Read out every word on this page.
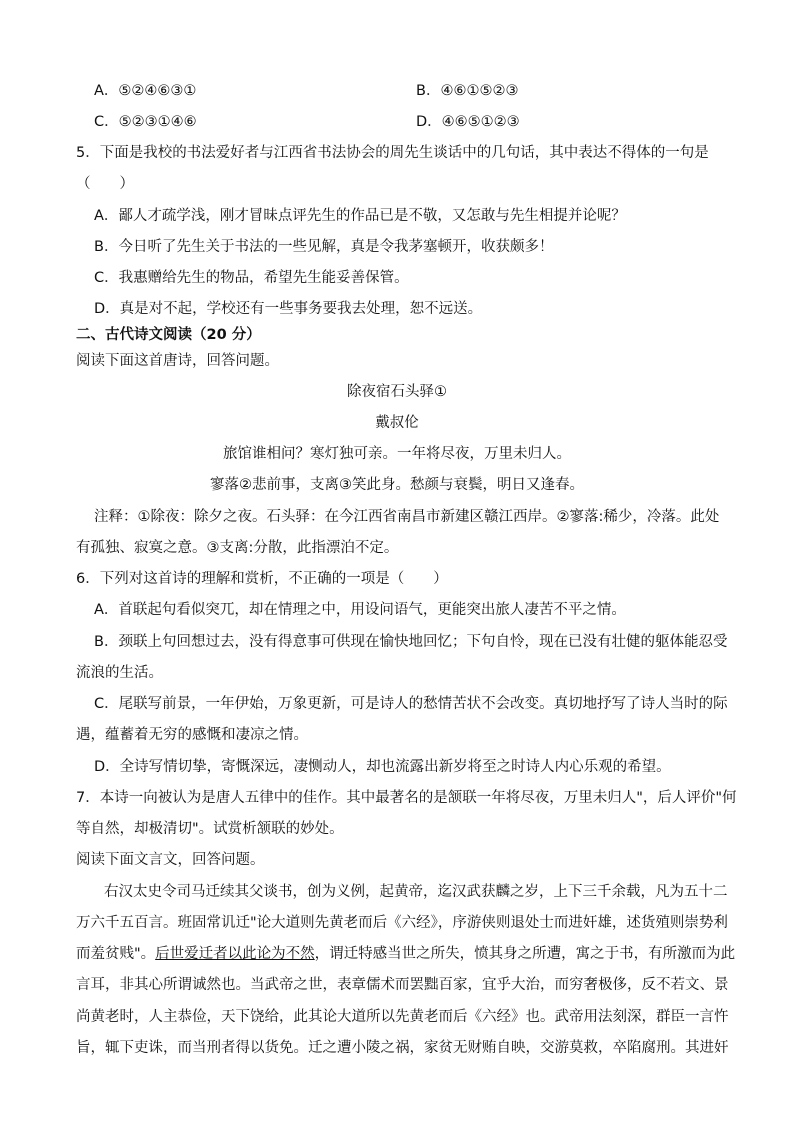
A．⑤②④⑥③①	B．④⑥①⑤②③
C．⑤②③①④⑥	D．④⑥⑤①②③
5．下面是我校的书法爱好者与江西省书法协会的周先生谈话中的几句话，其中表达不得体的一句是
（　　）
A．鄙人才疏学浅，刚才冒昧点评先生的作品已是不敬，又怎敢与先生相提并论呢？
B．今日听了先生关于书法的一些见解，真是令我茅塞顿开，收获颇多！
C．我惠赠给先生的物品，希望先生能妥善保管。
D．真是对不起，学校还有一些事务要我去处理，恕不远送。
二、古代诗文阅读（20 分）
阅读下面这首唐诗，回答问题。
除夜宿石头驿①
戴叔伦
旅馆谁相问？寒灯独可亲。一年将尽夜，万里未归人。
寥落②悲前事，支离③笑此身。愁颜与衰鬓，明日又逢春。
注释：①除夜：除夕之夜。石头驿：在今江西省南昌市新建区赣江西岸。②寥落:稀少，冷落。此处
有孤独、寂寞之意。③支离:分散，此指漂泊不定。
6．下列对这首诗的理解和赏析，不正确的一项是（　　）
A．首联起句看似突兀，却在情理之中，用设问语气，更能突出旅人凄苦不平之情。
B．颈联上句回想过去，没有得意事可供现在愉快地回忆；下句自怜，现在已没有壮健的躯体能忍受
流浪的生活。
C．尾联写前景，一年伊始，万象更新，可是诗人的愁情苦状不会改变。真切地抒写了诗人当时的际
遇，蕴蓄着无穷的感慨和凄凉之情。
D．全诗写情切挚，寄慨深远，凄恻动人，却也流露出新岁将至之时诗人内心乐观的希望。
7．本诗一向被认为是唐人五律中的佳作。其中最著名的是颔联一年将尽夜，万里未归人"，后人评价"何
等自然，却极清切"。试赏析颔联的妙处。
阅读下面文言文，回答问题。
右汉太史令司马迁续其父谈书，创为义例，起黄帝，迄汉武获麟之岁，上下三千余载，凡为五十二
万六千五百言。班固常讥迁"论大道则先黄老而后《六经》，序游侠则退处士而进奸雄，述货殖则崇势利
而羞贫贱"。后世爱迁者以此论为不然，谓迁特感当世之所失，愤其身之所遭，寓之于书，有所激而为此
言耳，非其心所谓诚然也。当武帝之世，表章儒术而罢黜百家，宜乎大治，而穷奢极侈，反不若文、景
尚黄老时，人主恭俭，天下饶给，此其论大道所以先黄老而后《六经》也。武帝用法刻深，群臣一言忤
旨，辄下吏诛，而当刑者得以货免。迁之遭小陵之祸，家贫无财贿自映，交游莫救，卒陷腐刑。其进奸
